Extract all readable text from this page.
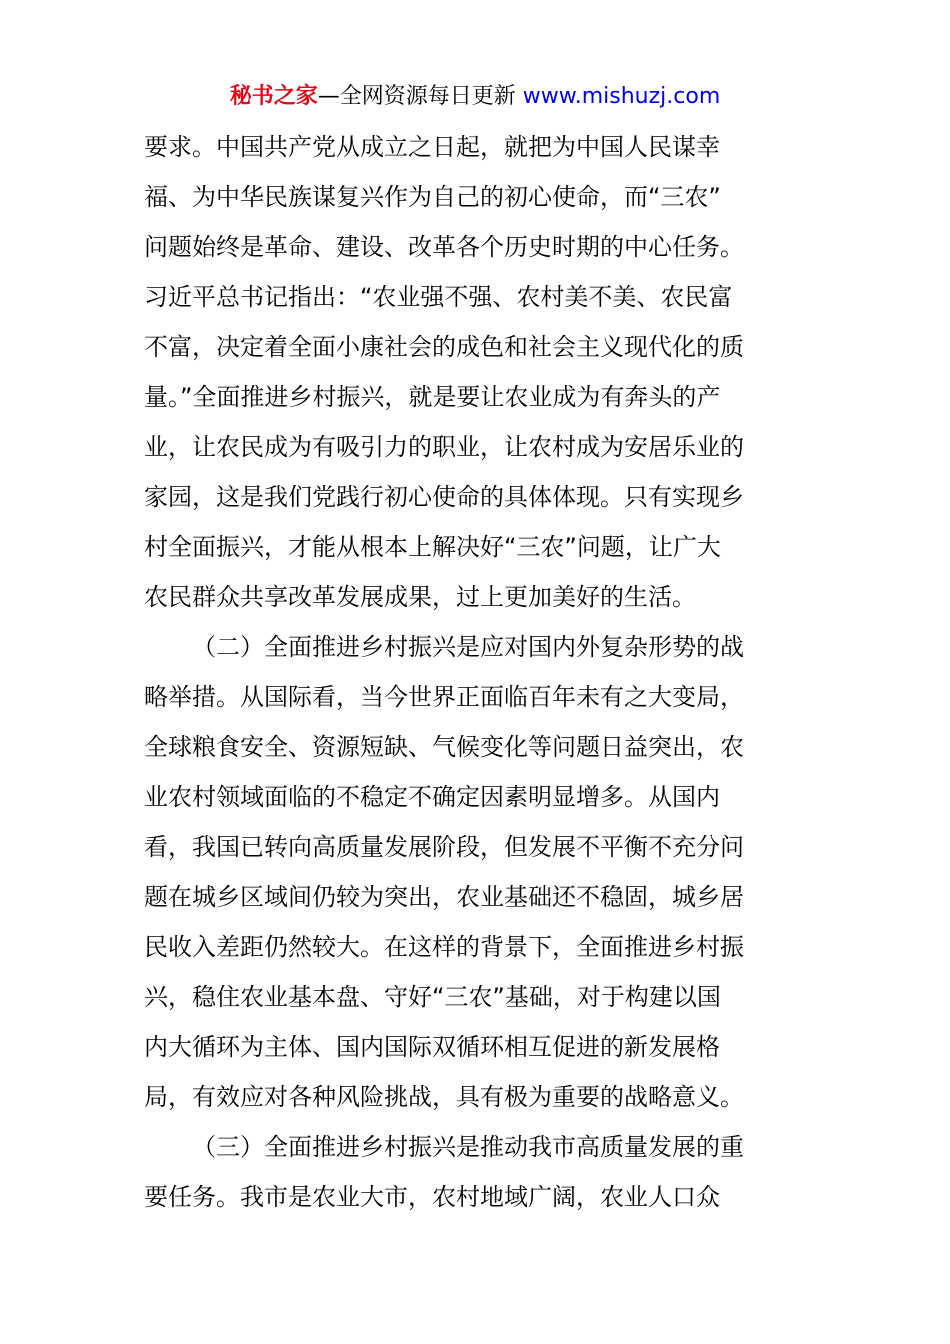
秘书之家—全网资源每日更新 www.mishuzj.com
要求。中国共产党从成立之日起，就把为中国人民谋幸
福、为中华民族谋复兴作为自己的初心使命，而“三农”
问题始终是革命、建设、改革各个历史时期的中心任务。
习近平总书记指出：“农业强不强、农村美不美、农民富
不富，决定着全面小康社会的成色和社会主义现代化的质
量。”全面推进乡村振兴，就是要让农业成为有奔头的产
业，让农民成为有吸引力的职业，让农村成为安居乐业的
家园，这是我们党践行初心使命的具体体现。只有实现乡
村全面振兴，才能从根本上解决好“三农”问题，让广大
农民群众共享改革发展成果，过上更加美好的生活。
（二）全面推进乡村振兴是应对国内外复杂形势的战
略举措。从国际看，当今世界正面临百年未有之大变局，
全球粮食安全、资源短缺、气候变化等问题日益突出，农
业农村领域面临的不稳定不确定因素明显增多。从国内
看，我国已转向高质量发展阶段，但发展不平衡不充分问
题在城乡区域间仍较为突出，农业基础还不稳固，城乡居
民收入差距仍然较大。在这样的背景下，全面推进乡村振
兴，稳住农业基本盘、守好“三农”基础，对于构建以国
内大循环为主体、国内国际双循环相互促进的新发展格
局，有效应对各种风险挑战，具有极为重要的战略意义。
（三）全面推进乡村振兴是推动我市高质量发展的重
要任务。我市是农业大市，农村地域广阔，农业人口众
